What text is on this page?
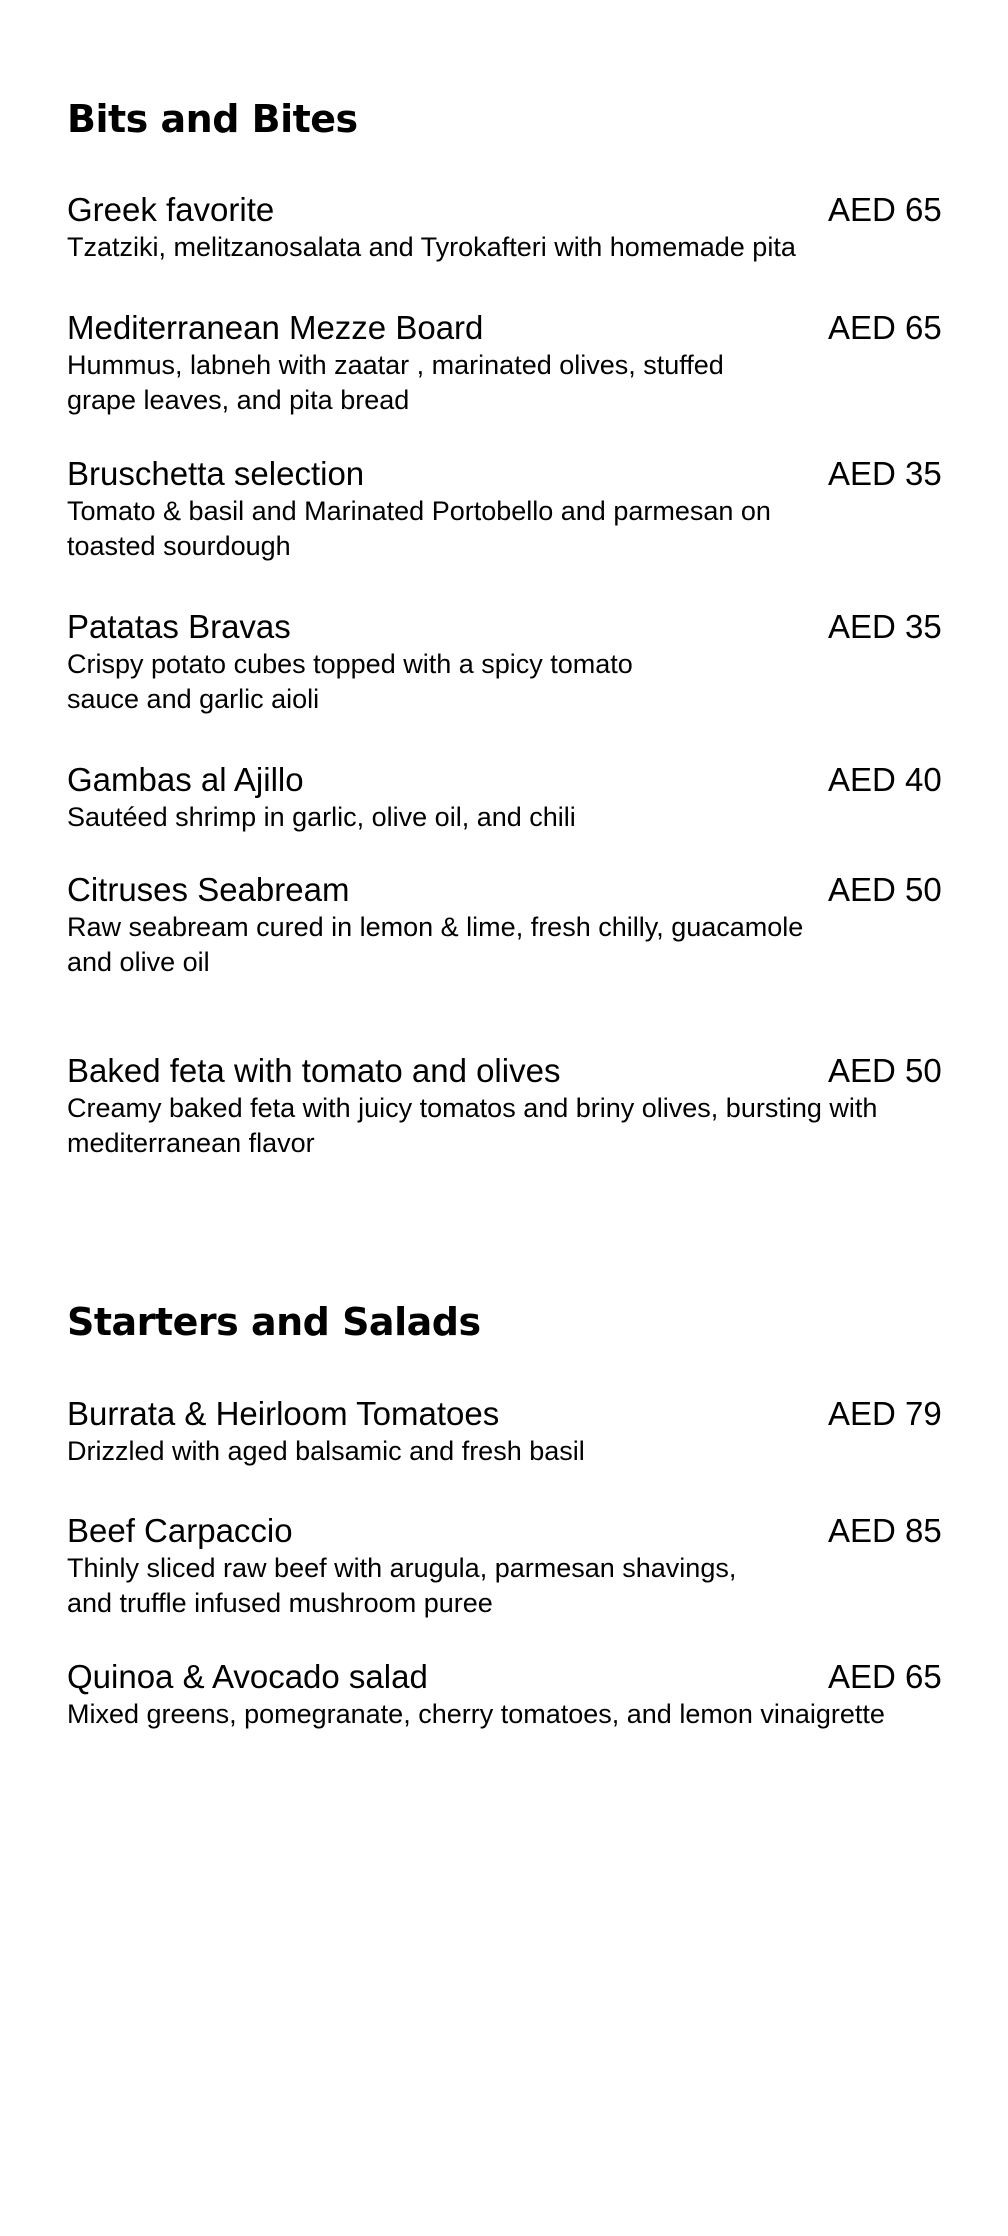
Bits and Bites
Greek favorite	AED 65
Tzatziki, melitzanosalata and Tyrokafteri with homemade pita
Mediterranean Mezze Board	AED 65
Hummus, labneh with zaatar , marinated olives, stuffed grape leaves, and pita bread
Bruschetta selection	AED 35
Tomato & basil and Marinated Portobello and parmesan on toasted sourdough
Patatas Bravas	AED 35
Crispy potato cubes topped with a spicy tomato sauce and garlic aioli
Gambas al Ajillo	AED 40
Sautéed shrimp in garlic, olive oil, and chili
Citruses Seabream	AED 50
Raw seabream cured in lemon & lime, fresh chilly, guacamole and olive oil
Baked feta with tomato and olives	AED 50
Creamy baked feta with juicy tomatos and briny olives, bursting with mediterranean flavor
Starters and Salads
Burrata & Heirloom Tomatoes	AED 79
Drizzled with aged balsamic and fresh basil
Beef Carpaccio	AED 85
Thinly sliced raw beef with arugula, parmesan shavings, and truffle infused mushroom puree
Quinoa & Avocado salad	AED 65
Mixed greens, pomegranate, cherry tomatoes, and lemon vinaigrette
